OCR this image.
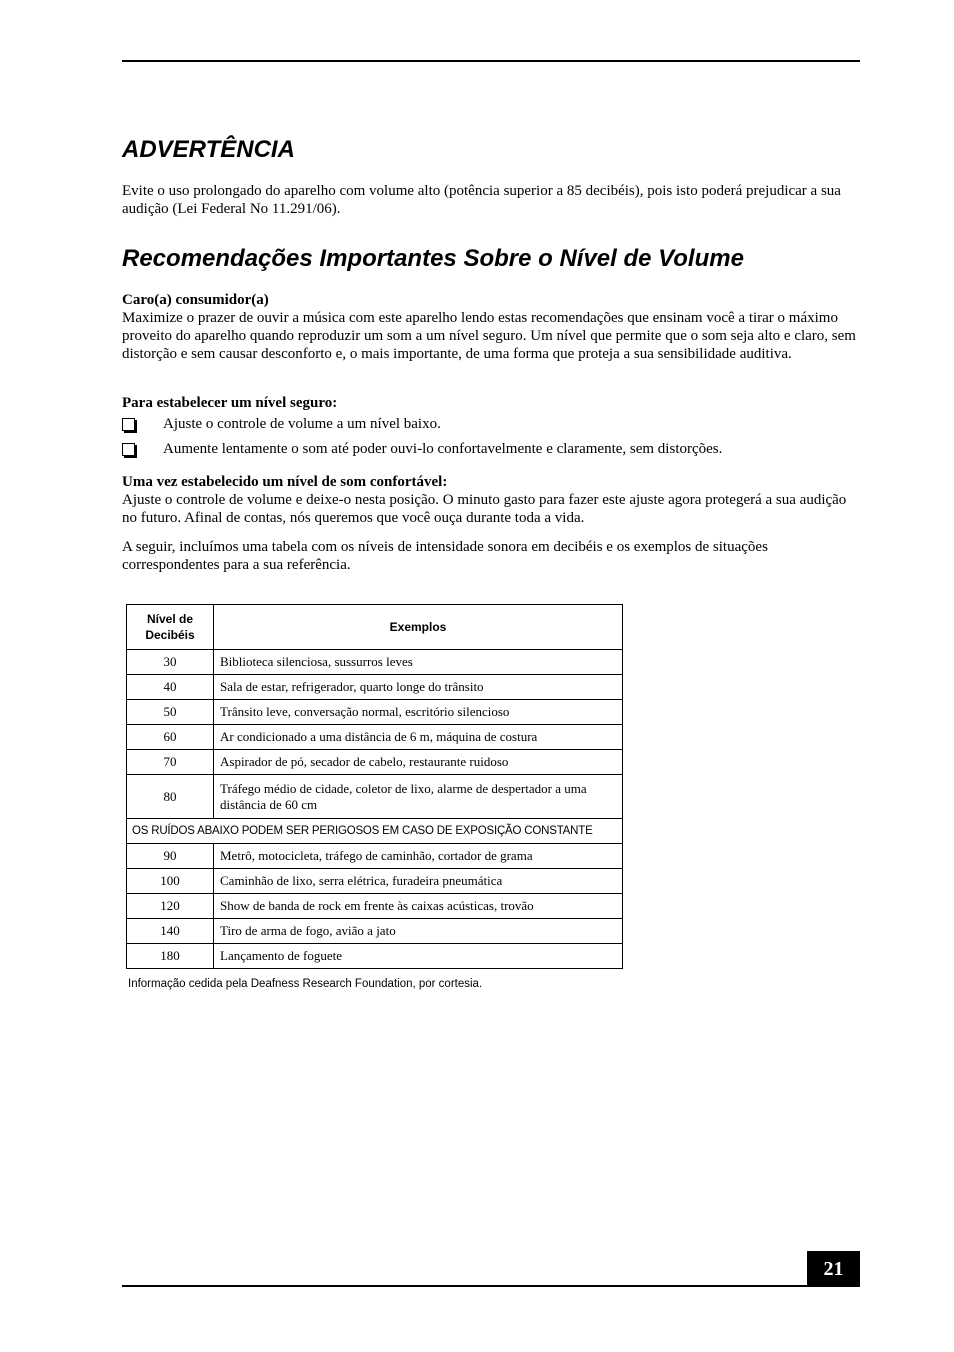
ADVERTÊNCIA

Evite o uso prolongado do aparelho com volume alto (potência superior a 85 decibéis), pois isto poderá prejudicar a sua audição (Lei Federal No 11.291/06).

Recomendações Importantes Sobre o Nível de Volume

Caro(a) consumidor(a)

Maximize o prazer de ouvir a música com este aparelho lendo estas recomendações que ensinam você a tirar o máximo proveito do aparelho quando reproduzir um som a um nível seguro. Um nível que permite que o som seja alto e claro, sem distorção e sem causar desconforto e, o mais importante, de uma forma que proteja a sua sensibilidade auditiva.

Para estabelecer um nível seguro:

Ajuste o controle de volume a um nível baixo.
Aumente lentamente o som até poder ouvi-lo confortavelmente e claramente, sem distorções.

Uma vez estabelecido um nível de som confortável:

Ajuste o controle de volume e deixe-o nesta posição. O minuto gasto para fazer este ajuste agora protegerá a sua audição no futuro. Afinal de contas, nós queremos que você ouça durante toda a vida.

A seguir, incluímos uma tabela com os níveis de intensidade sonora em decibéis e os exemplos de situações correspondentes para a sua referência.

Nível de
Decibéis	Exemplos
30	Biblioteca silenciosa, sussurros leves
40	Sala de estar, refrigerador, quarto longe do trânsito
50	Trânsito leve, conversação normal, escritório silencioso
60	Ar condicionado a uma distância de 6 m, máquina de costura
70	Aspirador de pó, secador de cabelo, restaurante ruidoso
80	Tráfego médio de cidade, coletor de lixo, alarme de despertador a uma distância de 60 cm
OS RUÍDOS ABAIXO PODEM SER PERIGOSOS EM CASO DE EXPOSIÇÃO CONSTANTE	
90	Metrô, motocicleta, tráfego de caminhão, cortador de grama
100	Caminhão de lixo, serra elétrica, furadeira pneumática
120	Show de banda de rock em frente às caixas acústicas, trovão
140	Tiro de arma de fogo, avião a jato
180	Lançamento de foguete
Informação cedida pela Deafness Research Foundation, por cortesia.
21
